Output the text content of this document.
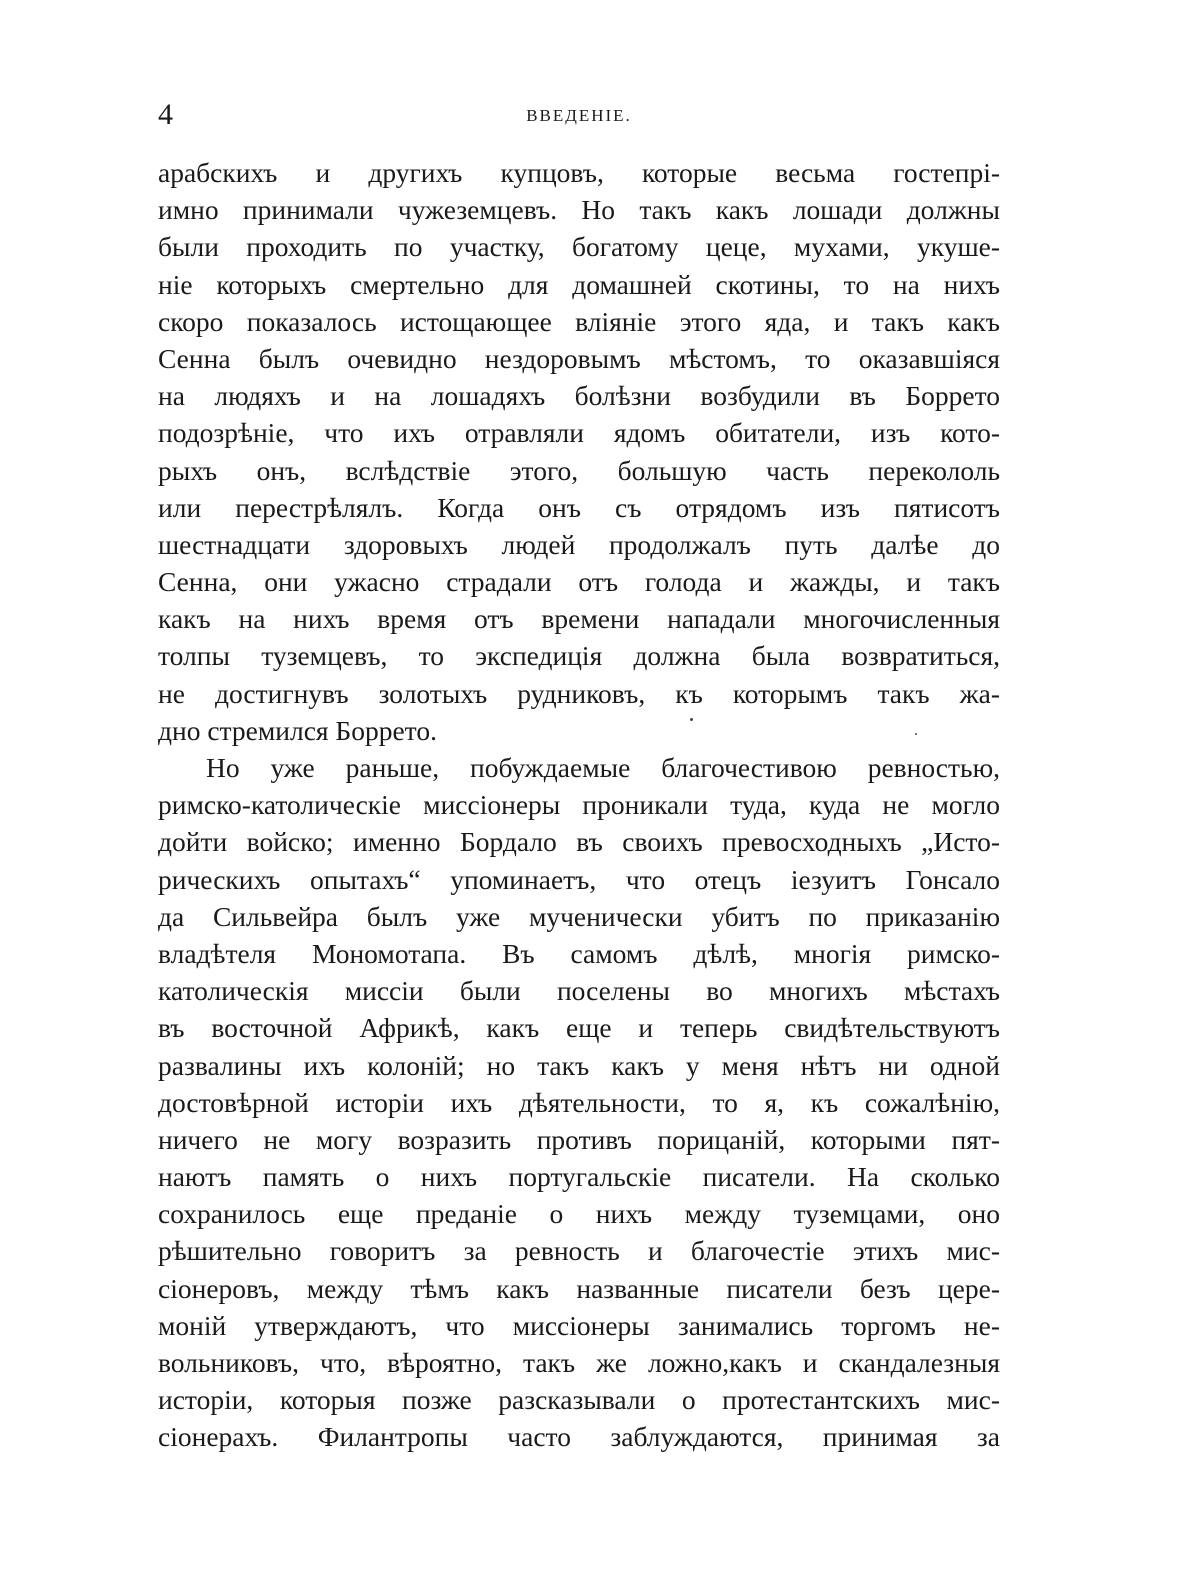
4	ВВЕДЕНІЕ.
арабскихъ и другихъ купцовъ, которые весьма гостепрі-
имно принимали чужеземцевъ. Но такъ какъ лошади должны
были проходить по участку, богатому цеце, мухами, укуше-
ніе которыхъ смертельно для домашней скотины, то на нихъ
скоро показалось истощающее вліяніе этого яда, и такъ какъ
Сенна былъ очевидно нездоровымъ мѣстомъ, то оказавшіяся
на людяхъ и на лошадяхъ болѣзни возбудили въ Боррето
подозрѣніе, что ихъ отравляли ядомъ обитатели, изъ кото-
рыхъ онъ, вслѣдствіе этого, большую часть перекололь
или перестрѣлялъ. Когда онъ съ отрядомъ изъ пятисотъ
шестнадцати здоровыхъ людей продолжалъ путь далѣе до
Сенна, они ужасно страдали отъ голода и жажды, и такъ
какъ на нихъ время отъ времени нападали многочисленныя
толпы туземцевъ, то экспедиція должна была возвратиться,
не достигнувъ золотыхъ рудниковъ, къ которымъ такъ жа-
дно стремился Боррето.
Но уже раньше, побуждаемые благочестивою ревностью,
римско-католическіе миссіонеры проникали туда, куда не могло
дойти войско; именно Бордало въ своихъ превосходныхъ „Исто-
рическихъ опытахъ“ упоминаетъ, что отецъ іезуитъ Гонсало
да Сильвейра былъ уже мученически убитъ по приказанію
владѣтеля Мономотапа. Въ самомъ дѣлѣ, многія римско-
католическія миссіи были поселены во многихъ мѣстахъ
въ восточной Африкѣ, какъ еще и теперь свидѣтельствуютъ
развалины ихъ колоній; но такъ какъ у меня нѣтъ ни одной
достовѣрной исторіи ихъ дѣятельности, то я, къ сожалѣнію,
ничего не могу возразить противъ порицаній, которыми пят-
наютъ память о нихъ португальскіе писатели. На сколько
сохранилось еще преданіе о нихъ между туземцами, оно
рѣшительно говоритъ за ревность и благочестіе этихъ мис-
сіонеровъ, между тѣмъ какъ названные писатели безъ цере-
моній утверждаютъ, что миссіонеры занимались торгомъ не-
вольниковъ, что, вѣроятно, такъ же ложно,какъ и скандалезныя
исторіи, которыя позже разсказывали о протестантскихъ мис-
сіонерахъ. Филантропы часто заблуждаются, принимая за
